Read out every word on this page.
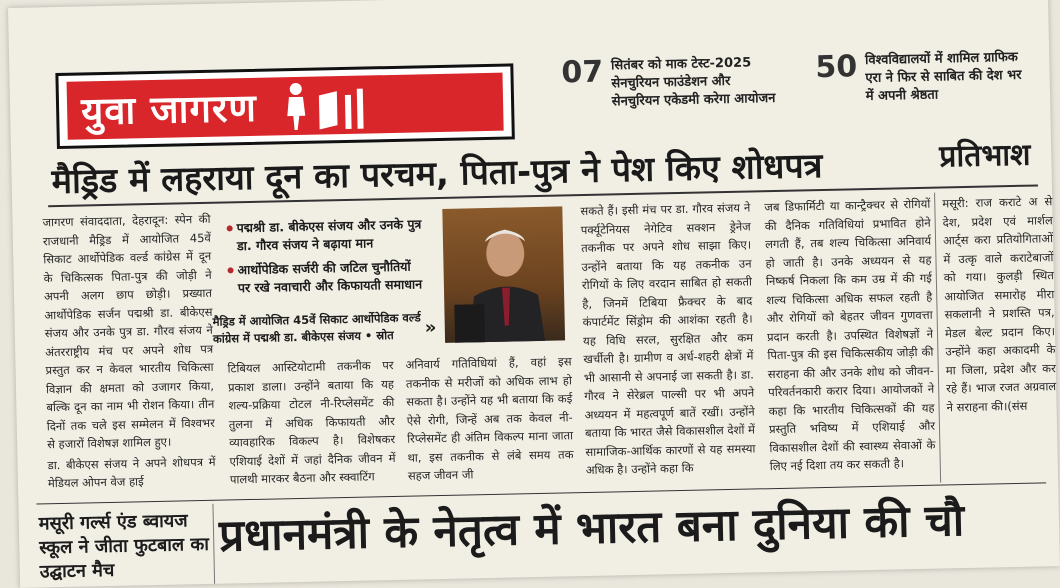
युवा जागरण
07 सितंबर को माक टेस्ट-2025
सेनचुरियन फाउंडेशन और
सेनचुरियन एकेडमी करेगा आयोजन
50 विश्वविद्यालयों में शामिल ग्राफिक
एरा ने फिर से साबित की देश भर
में अपनी श्रेष्ठता
मैड्रिड में लहराया दून का परचम, पिता-पुत्र ने पेश किए शोधपत्र	प्रतिभाश

जागरण संवाददाता, देहरादून: स्पेन की राजधानी मैड्रिड में आयोजित 45वें सिकाट आर्थोपेडिक वर्ल्ड कांग्रेस में दून के चिकित्सक पिता-पुत्र की जोड़ी ने अपनी अलग छाप छोड़ी। प्रख्यात आर्थोपेडिक सर्जन पद्मश्री डा. बीकेएस संजय और उनके पुत्र डा. गौरव संजय ने अंतरराष्ट्रीय मंच पर अपने शोध पत्र प्रस्तुत कर न केवल भारतीय चिकित्सा विज्ञान की क्षमता को उजागर किया, बल्कि दून का नाम भी रोशन किया। तीन दिनों तक चले इस सम्मेलन में विश्वभर से हजारों विशेषज्ञ शामिल हुए।

डा. बीकेएस संजय ने अपने शोधपत्र में मेडियल ओपन वेज हाई

पद्मश्री डा. बीकेएस संजय और उनके पुत्र डा. गौरव संजय ने बढ़ाया मान
आर्थोपेडिक सर्जरी की जटिल चुनौतियों पर रखे नवाचारी और किफायती समाधान
मैड्रिड में आयोजित 45वें सिकाट आर्थोपेडिक वर्ल्ड कांग्रेस में पद्मश्री डा. बीकेएस संजय • स्रोत	»
टिबियल आस्टियोटामी तकनीक पर प्रकाश डाला। उन्होंने बताया कि यह शल्य-प्रक्रिया टोटल नी-रिप्लेसमेंट की तुलना में अधिक किफायती और व्यावहारिक विकल्प है। विशेषकर एशियाई देशों में जहां दैनिक जीवन में पालथी मारकर बैठना और स्क्वाटिंग
अनिवार्य गतिविधियां हैं, वहां इस तकनीक से मरीजों को अधिक लाभ हो सकता है। उन्होंने यह भी बताया कि कई ऐसे रोगी, जिन्हें अब तक केवल नी-रिप्लेसमेंट ही अंतिम विकल्प माना जाता था, इस तकनीक से लंबे समय तक सहज जीवन जी
सकते हैं। इसी मंच पर डा. गौरव संजय ने पर्क्यूटेनियस नेगेटिव सक्शन ड्रेनेज तकनीक पर अपने शोध साझा किए। उन्होंने बताया कि यह तकनीक उन रोगियों के लिए वरदान साबित हो सकती है, जिनमें टिबिया फ्रैक्चर के बाद कंपार्टमेंट सिंड्रोम की आशंका रहती है। यह विधि सरल, सुरक्षित और कम खर्चीली है। ग्रामीण व अर्ध-शहरी क्षेत्रों में भी आसानी से अपनाई जा सकती है। डा. गौरव ने सेरेब्रल पाल्सी पर भी अपने अध्ययन में महत्वपूर्ण बातें रखीं। उन्होंने बताया कि भारत जैसे विकासशील देशों में सामाजिक-आर्थिक कारणों से यह समस्या अधिक है। उन्होंने कहा कि
जब डिफार्मिटी या कान्ट्रैक्चर से रोगियों की दैनिक गतिविधियां प्रभावित होने लगती हैं, तब शल्य चिकित्सा अनिवार्य हो जाती है। उनके अध्ययन से यह निष्कर्ष निकला कि कम उम्र में की गई शल्य चिकित्सा अधिक सफल रहती है और रोगियों को बेहतर जीवन गुणवत्ता प्रदान करती है। उपस्थित विशेषज्ञों ने पिता-पुत्र की इस चिकित्सकीय जोड़ी की सराहना की और उनके शोध को जीवन-परिवर्तनकारी करार दिया। आयोजकों ने कहा कि भारतीय चिकित्सकों की यह प्रस्तुति भविष्य में एशियाई और विकासशील देशों की स्वास्थ्य सेवाओं के लिए नई दिशा तय कर सकती है।
मसूरी: राज करा‍टे अ से देश, प्रदेश एवं मार्शल आर्ट्स करा प्रतियोगिताओं में उत्कृ वाले कराटेबाजों को गया। कुलड़ी स्थित आयोजित समारोह मीरा सकलानी ने प्रशस्ति पत्र, मेडल बेल्ट प्रदान किए। उन्होंने कहा अकादमी के मा जिला, प्रदेश और कर रहे हैं। भाज रजत अग्रवाल ने सराहना की।(संस
मसूरी गर्ल्स एंड ब्वायज स्कूल ने जीता फुटबाल का उद्घाटन मैच
प्रधानमंत्री के नेतृत्व में भारत बना दुनिया की चौ
